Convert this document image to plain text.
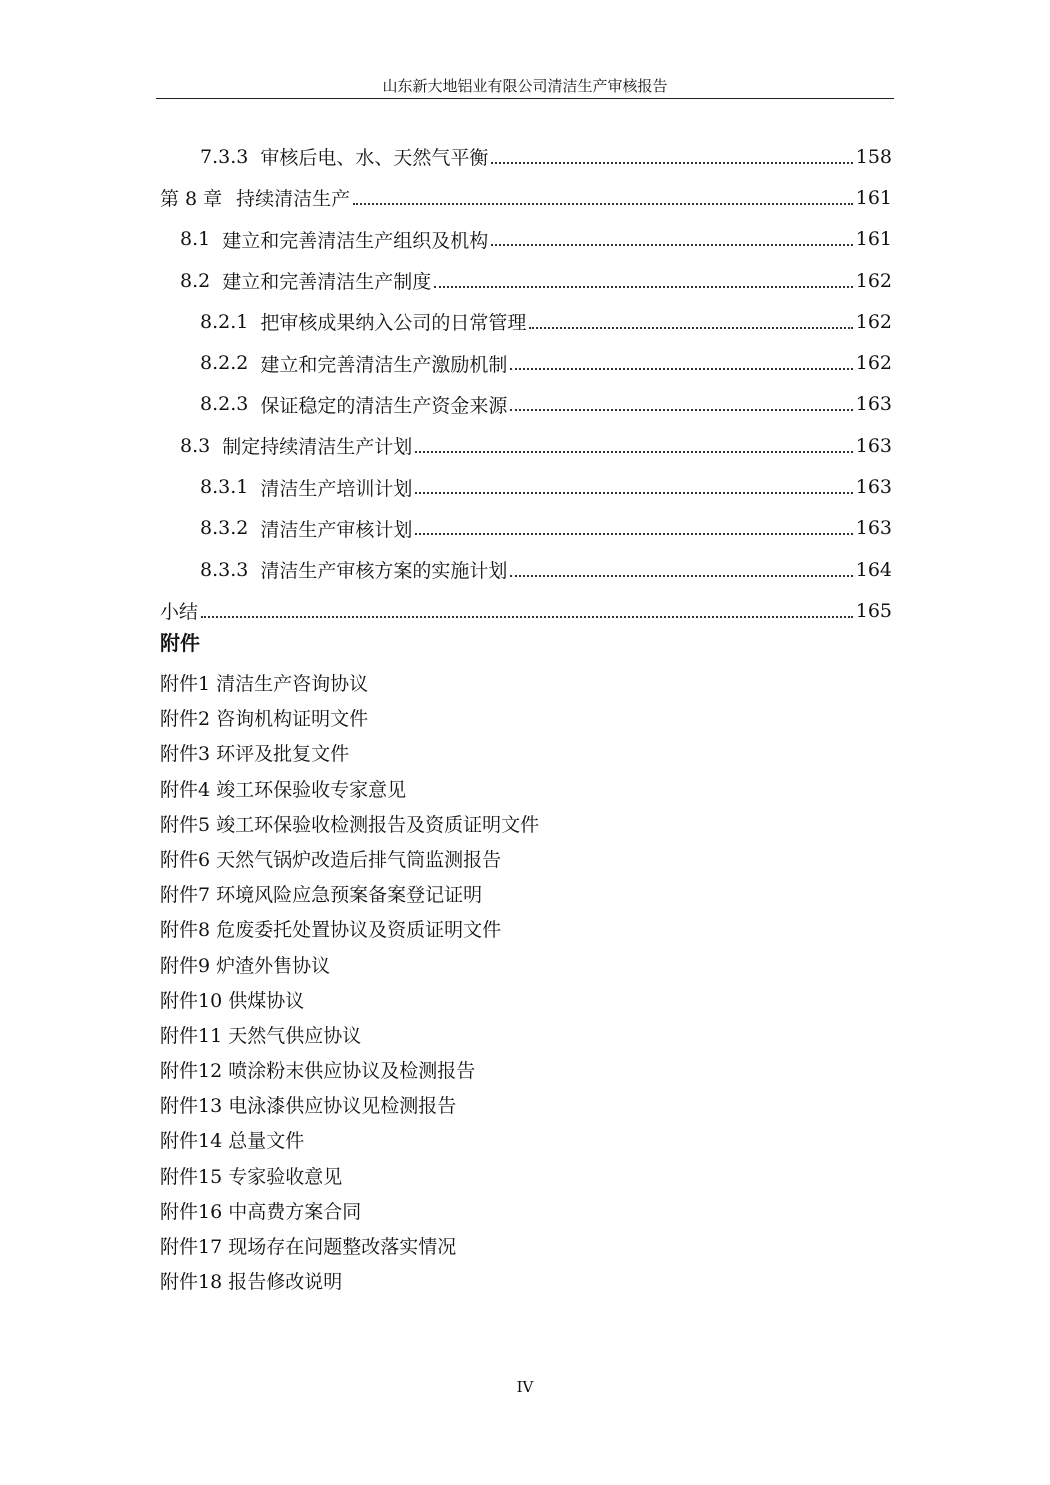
山东新大地铝业有限公司清洁生产审核报告
7.3.3 审核后电、水、天然气平衡	158
第 8 章 持续清洁生产	161
8.1 建立和完善清洁生产组织及机构	161
8.2 建立和完善清洁生产制度	162
8.2.1 把审核成果纳入公司的日常管理	162
8.2.2 建立和完善清洁生产激励机制	162
8.2.3 保证稳定的清洁生产资金来源	163
8.3 制定持续清洁生产计划	163
8.3.1 清洁生产培训计划	163
8.3.2 清洁生产审核计划	163
8.3.3 清洁生产审核方案的实施计划	164
小结	165
附件
附件1 清洁生产咨询协议
附件2 咨询机构证明文件
附件3 环评及批复文件
附件4 竣工环保验收专家意见
附件5 竣工环保验收检测报告及资质证明文件
附件6 天然气锅炉改造后排气筒监测报告
附件7 环境风险应急预案备案登记证明
附件8 危废委托处置协议及资质证明文件
附件9 炉渣外售协议
附件10 供煤协议
附件11 天然气供应协议
附件12 喷涂粉末供应协议及检测报告
附件13 电泳漆供应协议见检测报告
附件14 总量文件
附件15 专家验收意见
附件16 中高费方案合同
附件17 现场存在问题整改落实情况
附件18 报告修改说明
IV
